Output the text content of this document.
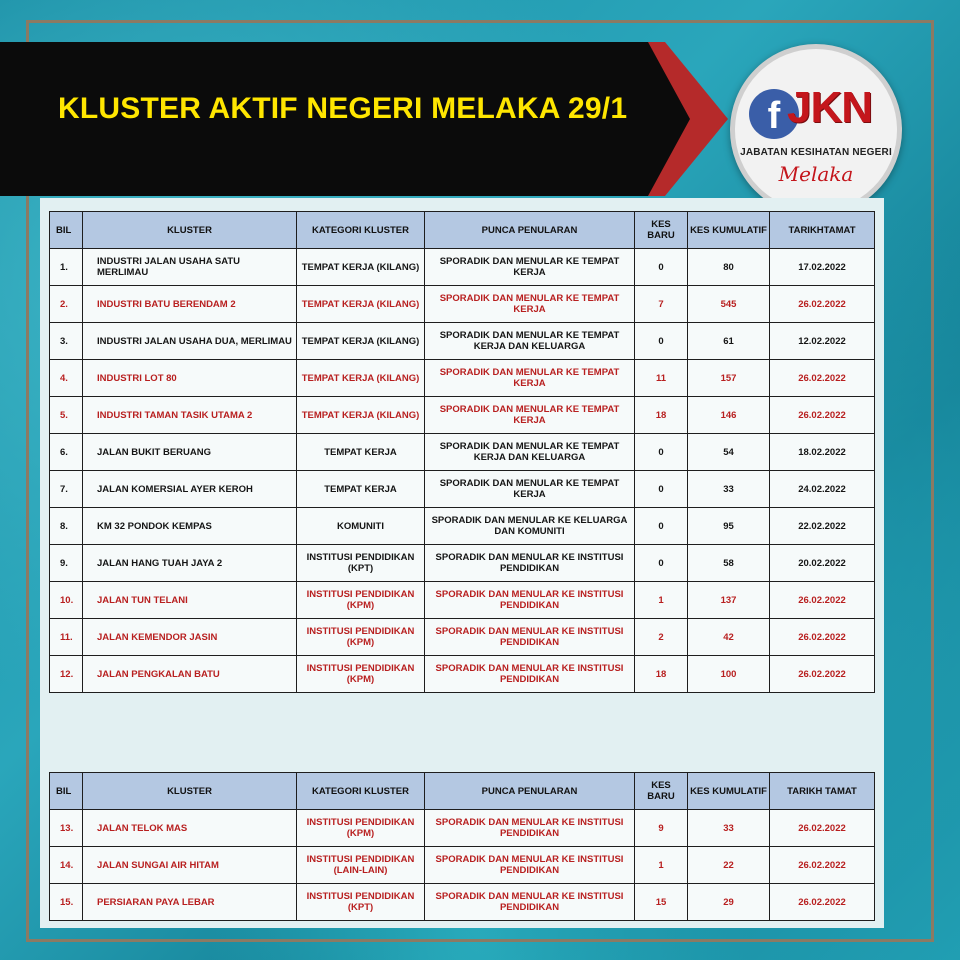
KLUSTER AKTIF NEGERI MELAKA 29/1	f JKN
JABATAN KESIHATAN NEGERI
Melaka
BIL	KLUSTER	KATEGORI KLUSTER	PUNCA PENULARAN	KES BARU	KES KUMULATIF	TARIKHTAMAT
1.	INDUSTRI JALAN USAHA SATU MERLIMAU	TEMPAT KERJA (KILANG)	SPORADIK DAN MENULAR KE TEMPAT KERJA	0	80	17.02.2022
2.	INDUSTRI BATU BERENDAM 2	TEMPAT KERJA (KILANG)	SPORADIK DAN MENULAR KE TEMPAT KERJA	7	545	26.02.2022
3.	INDUSTRI JALAN USAHA DUA, MERLIMAU	TEMPAT KERJA (KILANG)	SPORADIK DAN MENULAR KE TEMPAT KERJA DAN KELUARGA	0	61	12.02.2022
4.	INDUSTRI LOT 80	TEMPAT KERJA (KILANG)	SPORADIK DAN MENULAR KE TEMPAT KERJA	11	157	26.02.2022
5.	INDUSTRI TAMAN TASIK UTAMA 2	TEMPAT KERJA (KILANG)	SPORADIK DAN MENULAR KE TEMPAT KERJA	18	146	26.02.2022
6.	JALAN BUKIT BERUANG	TEMPAT KERJA	SPORADIK DAN MENULAR KE TEMPAT KERJA DAN KELUARGA	0	54	18.02.2022
7.	JALAN KOMERSIAL AYER KEROH	TEMPAT KERJA	SPORADIK DAN MENULAR KE TEMPAT KERJA	0	33	24.02.2022
8.	KM 32 PONDOK KEMPAS	KOMUNITI	SPORADIK DAN MENULAR KE KELUARGA DAN KOMUNITI	0	95	22.02.2022
9.	JALAN HANG TUAH JAYA 2	INSTITUSI PENDIDIKAN (KPT)	SPORADIK DAN MENULAR KE INSTITUSI PENDIDIKAN	0	58	20.02.2022
10.	JALAN TUN TELANI	INSTITUSI PENDIDIKAN (KPM)	SPORADIK DAN MENULAR KE INSTITUSI PENDIDIKAN	1	137	26.02.2022
11.	JALAN KEMENDOR JASIN	INSTITUSI PENDIDIKAN (KPM)	SPORADIK DAN MENULAR KE INSTITUSI PENDIDIKAN	2	42	26.02.2022
12.	JALAN PENGKALAN BATU	INSTITUSI PENDIDIKAN (KPM)	SPORADIK DAN MENULAR KE INSTITUSI PENDIDIKAN	18	100	26.02.2022
BIL	KLUSTER	KATEGORI KLUSTER	PUNCA PENULARAN	KES BARU	KES KUMULATIF	TARIKH TAMAT
13.	JALAN TELOK MAS	INSTITUSI PENDIDIKAN (KPM)	SPORADIK DAN MENULAR KE INSTITUSI PENDIDIKAN	9	33	26.02.2022
14.	JALAN SUNGAI AIR HITAM	INSTITUSI PENDIDIKAN (LAIN-LAIN)	SPORADIK DAN MENULAR KE INSTITUSI PENDIDIKAN	1	22	26.02.2022
15.	PERSIARAN PAYA LEBAR	INSTITUSI PENDIDIKAN (KPT)	SPORADIK DAN MENULAR KE INSTITUSI PENDIDIKAN	15	29	26.02.2022
